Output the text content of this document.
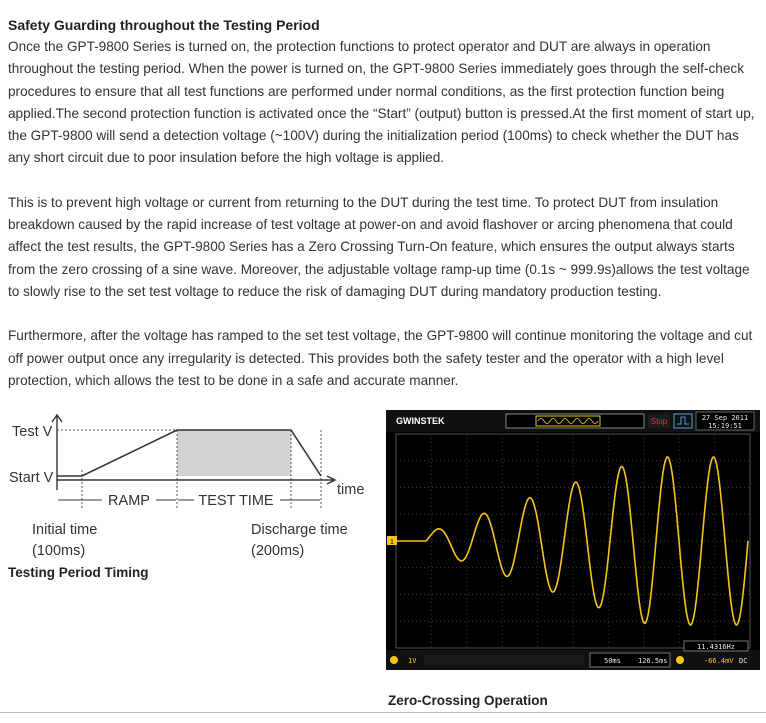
Safety Guarding throughout the Testing Period

Once the GPT-9800 Series is turned on, the protection functions to protect operator and DUT are always in operation throughout the testing period. When the power is turned on, the GPT-9800 Series immediately goes through the self-check procedures to ensure that all test functions are performed under normal conditions, as the first protection function being applied.The second protection function is activated once the “Start” (output) button is pressed.At the first moment of start up, the GPT-9800 will send a detection voltage (~100V) during the initialization period (100ms) to check whether the DUT has any short circuit due to poor insulation before the high voltage is applied.

This is to prevent high voltage or current from returning to the DUT during the test time. To protect DUT from insulation breakdown caused by the rapid increase of test voltage at power-on and avoid flashover or arcing phenomena that could affect the test results, the GPT-9800 Series has a Zero Crossing Turn-On feature, which ensures the output always starts from the zero crossing of a sine wave. Moreover, the adjustable voltage ramp-up time (0.1s ~ 999.9s)allows the test voltage to slowly rise to the set test voltage to reduce the risk of damaging DUT during mandatory production testing.

Furthermore, after the voltage has ramped to the set test voltage, the GPT-9800 will continue monitoring the voltage and cut off power output once any irregularity is detected. This provides both the safety tester and the operator with a high level protection, which allows the test to be done in a safe and accurate manner.

Test V
Start V
RAMP	TEST TIME
time
Initial time
(100ms)
Discharge time
(200ms)
Testing Period Timing
GWINSTEK	Stop	27 Sep 2011
15:19:51
1
1V	50ms 126.5ms
11.4316Hz
-66.4mV DC
Zero-Crossing Operation
